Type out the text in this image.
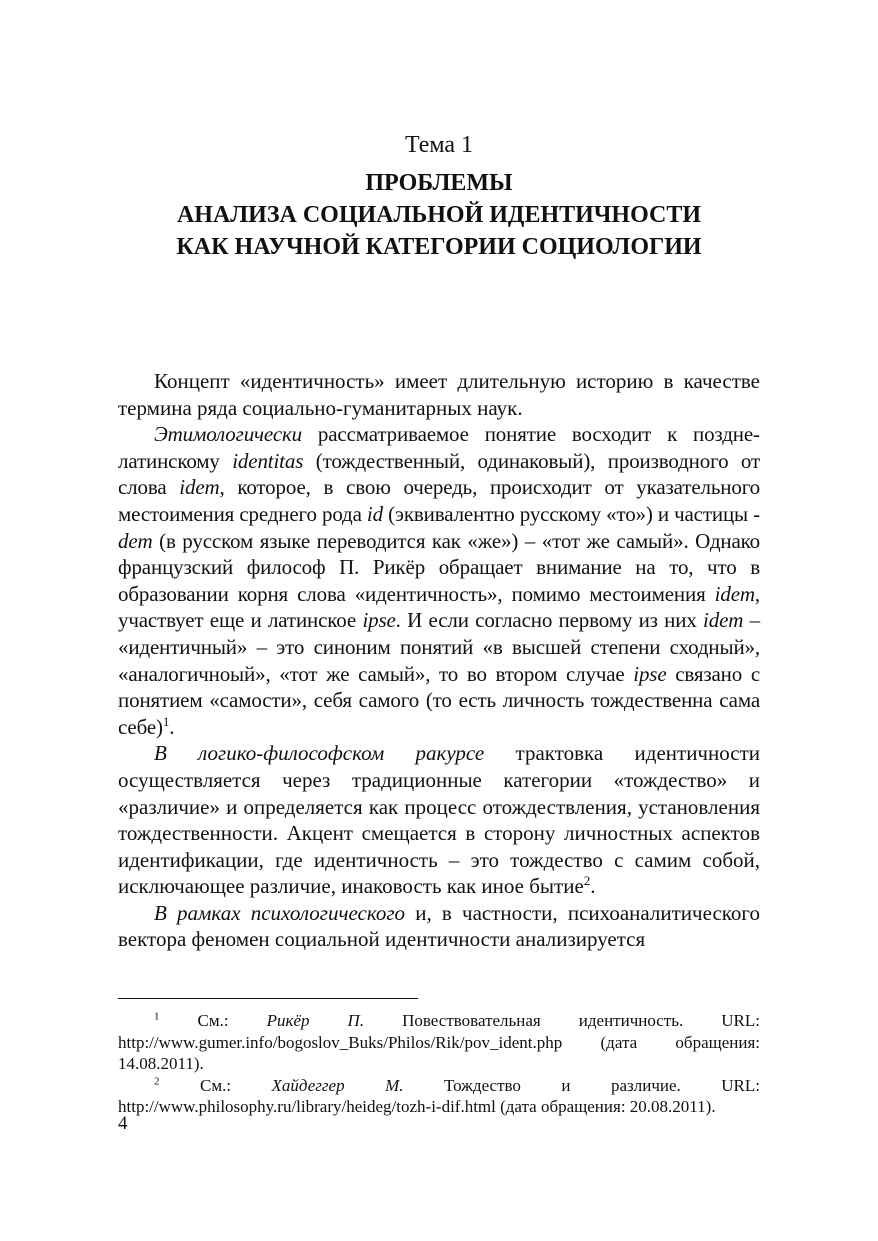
Тема 1
ПРОБЛЕМЫ
АНАЛИЗА СОЦИАЛЬНОЙ ИДЕНТИЧНОСТИ
КАК НАУЧНОЙ КАТЕГОРИИ СОЦИОЛОГИИ

Концепт «идентичность» имеет длительную историю в качестве термина ряда социально-гуманитарных наук.

Этимологически рассматриваемое понятие восходит к позднелатинскому identitas (тождественный, одинаковый), производного от слова idem, которое, в свою очередь, происходит от указательного местоимения среднего рода id (эквивалентно русскому «то») и частицы -dem (в русском языке переводится как «же») – «тот же самый». Однако французский философ П. Рикёр обращает внимание на то, что в образовании корня слова «идентичность», помимо местоимения idem, участвует еще и латинское ipse. И если согласно первому из них idem – «идентичный» – это синоним понятий «в высшей степени сходный», «аналогичноый», «тот же самый», то во втором случае ipse связано с понятием «самости», себя самого (то есть личность тождественна сама себе)$^1$.

В логико-философском ракурсе трактовка идентичности осуществляется через традиционные категории «тождество» и «различие» и определяется как процесс отождествления, установления тождественности. Акцент смещается в сторону личностных аспектов идентификации, где идентичность – это тождество с самим собой, исключающее различие, инаковость как иное бытие$^2$.

В рамках психологического и, в частности, психоаналитического вектора феномен социальной идентичности анализируется

$^1$ См.: Рикёр П. Повествовательная идентичность. URL: http://www.gumer.info/bogoslov_Buks/Philos/Rik/pov_ident.php (дата обращения: 14.08.2011).

$^2$ См.: Хайдеггер М. Тождество и различие. URL: http://www.philosophy.ru/library/heideg/tozh-i-dif.html (дата обращения: 20.08.2011).

4
